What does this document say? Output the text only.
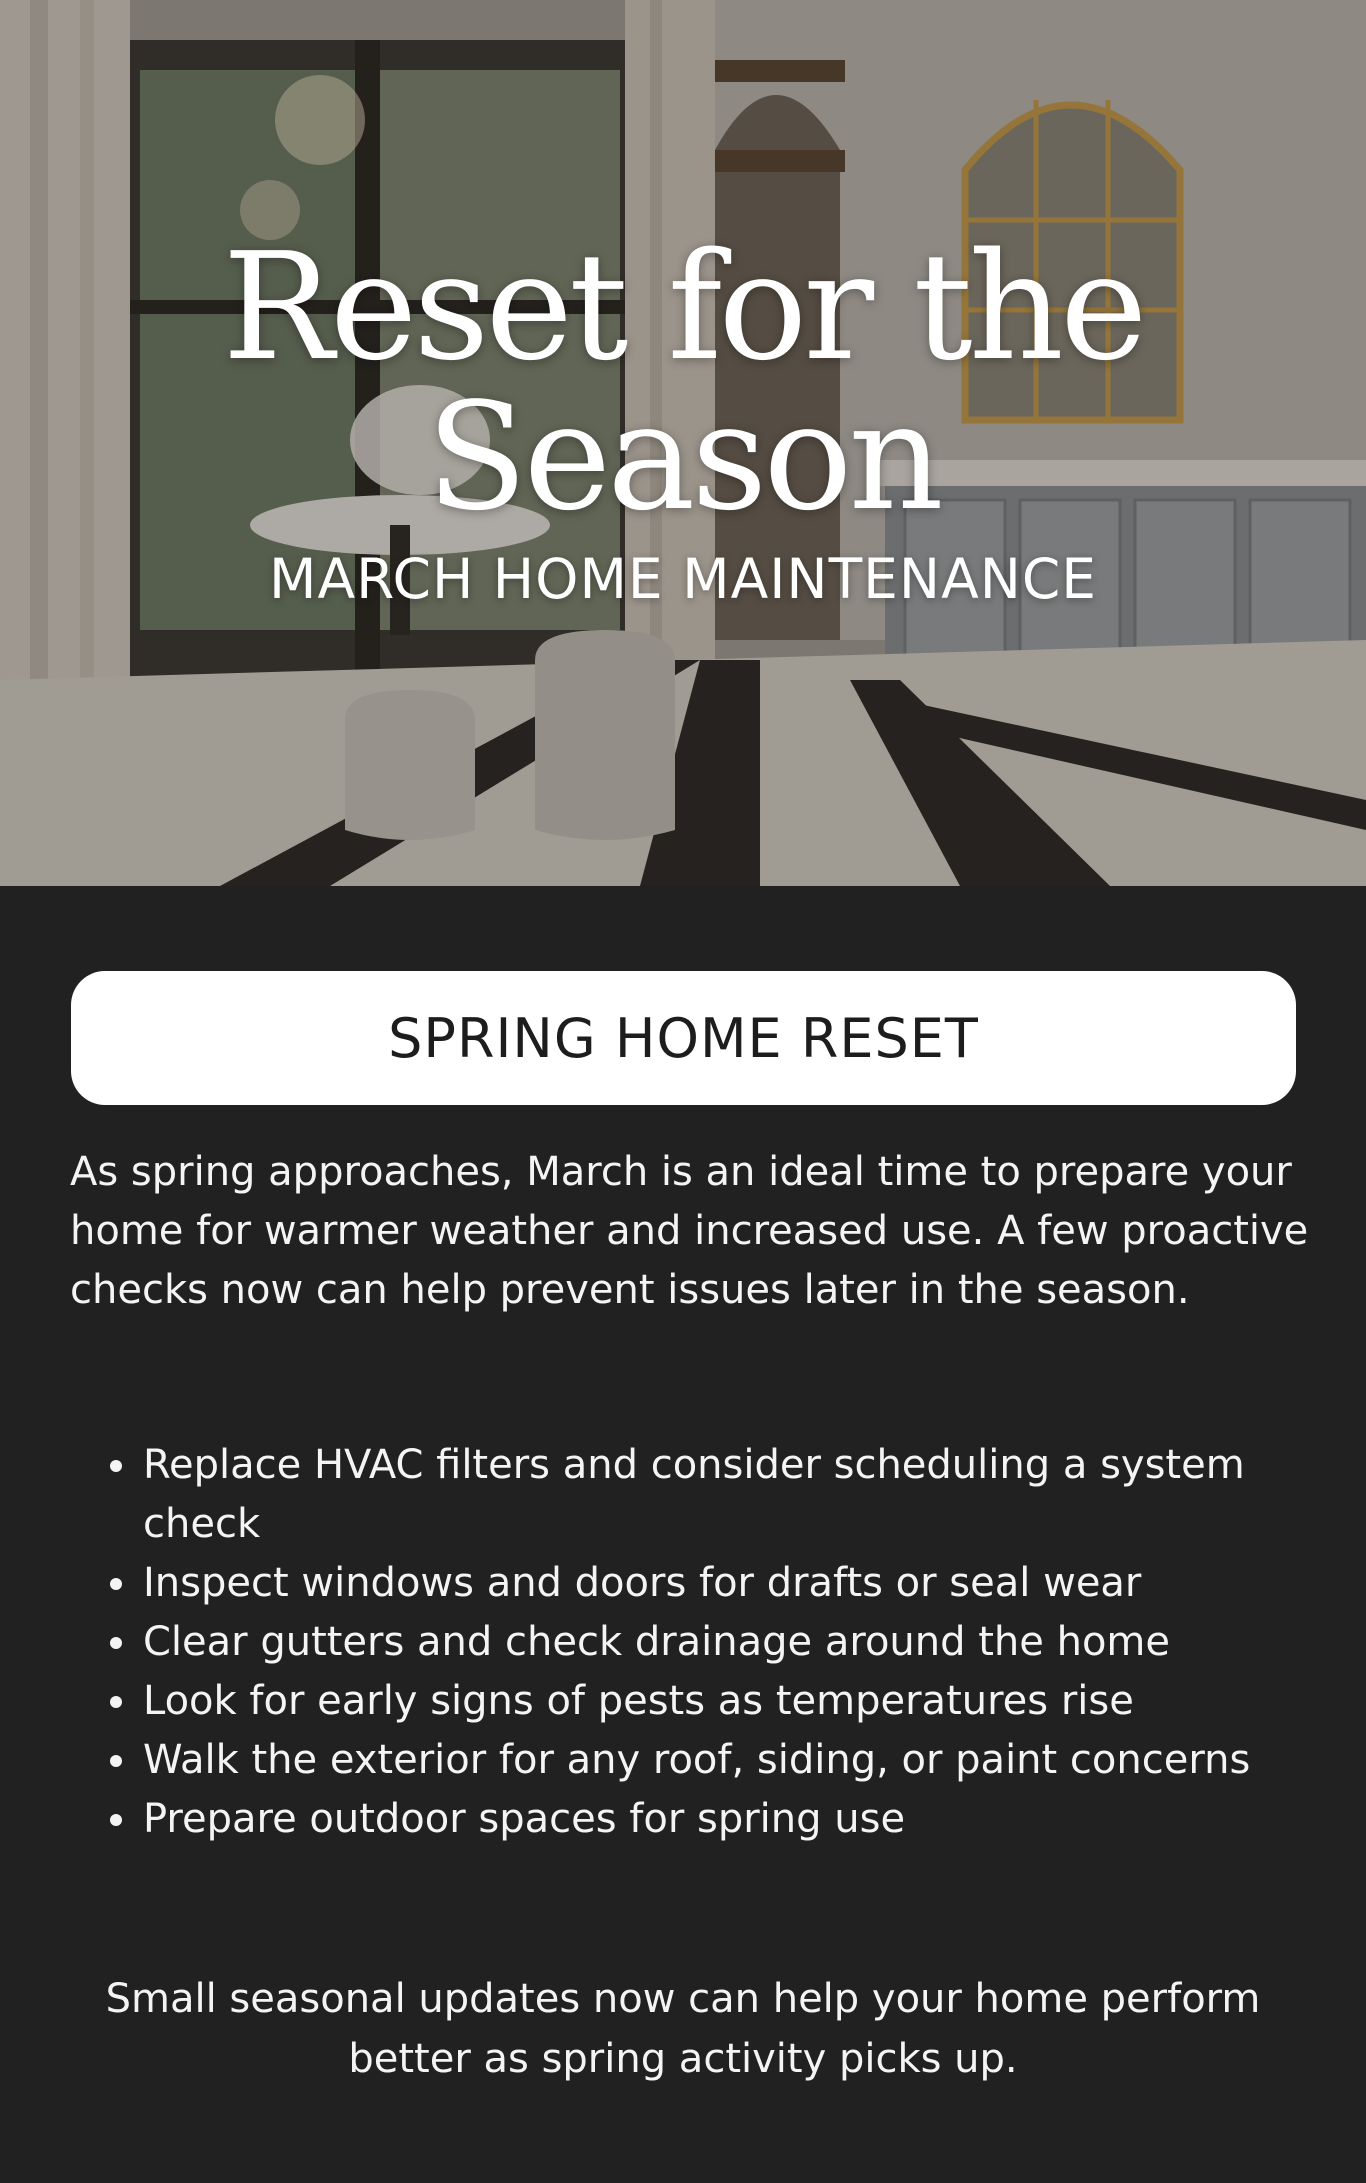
Reset for the
Season
MARCH HOME MAINTENANCE
SPRING HOME RESET

As spring approaches, March is an ideal time to prepare your home for warmer weather and increased use. A few proactive checks now can help prevent issues later in the season.

Replace HVAC filters and consider scheduling a system check
Inspect windows and doors for drafts or seal wear
Clear gutters and check drainage around the home
Look for early signs of pests as temperatures rise
Walk the exterior for any roof, siding, or paint concerns
Prepare outdoor spaces for spring use

Small seasonal updates now can help your home perform better as spring activity picks up.
